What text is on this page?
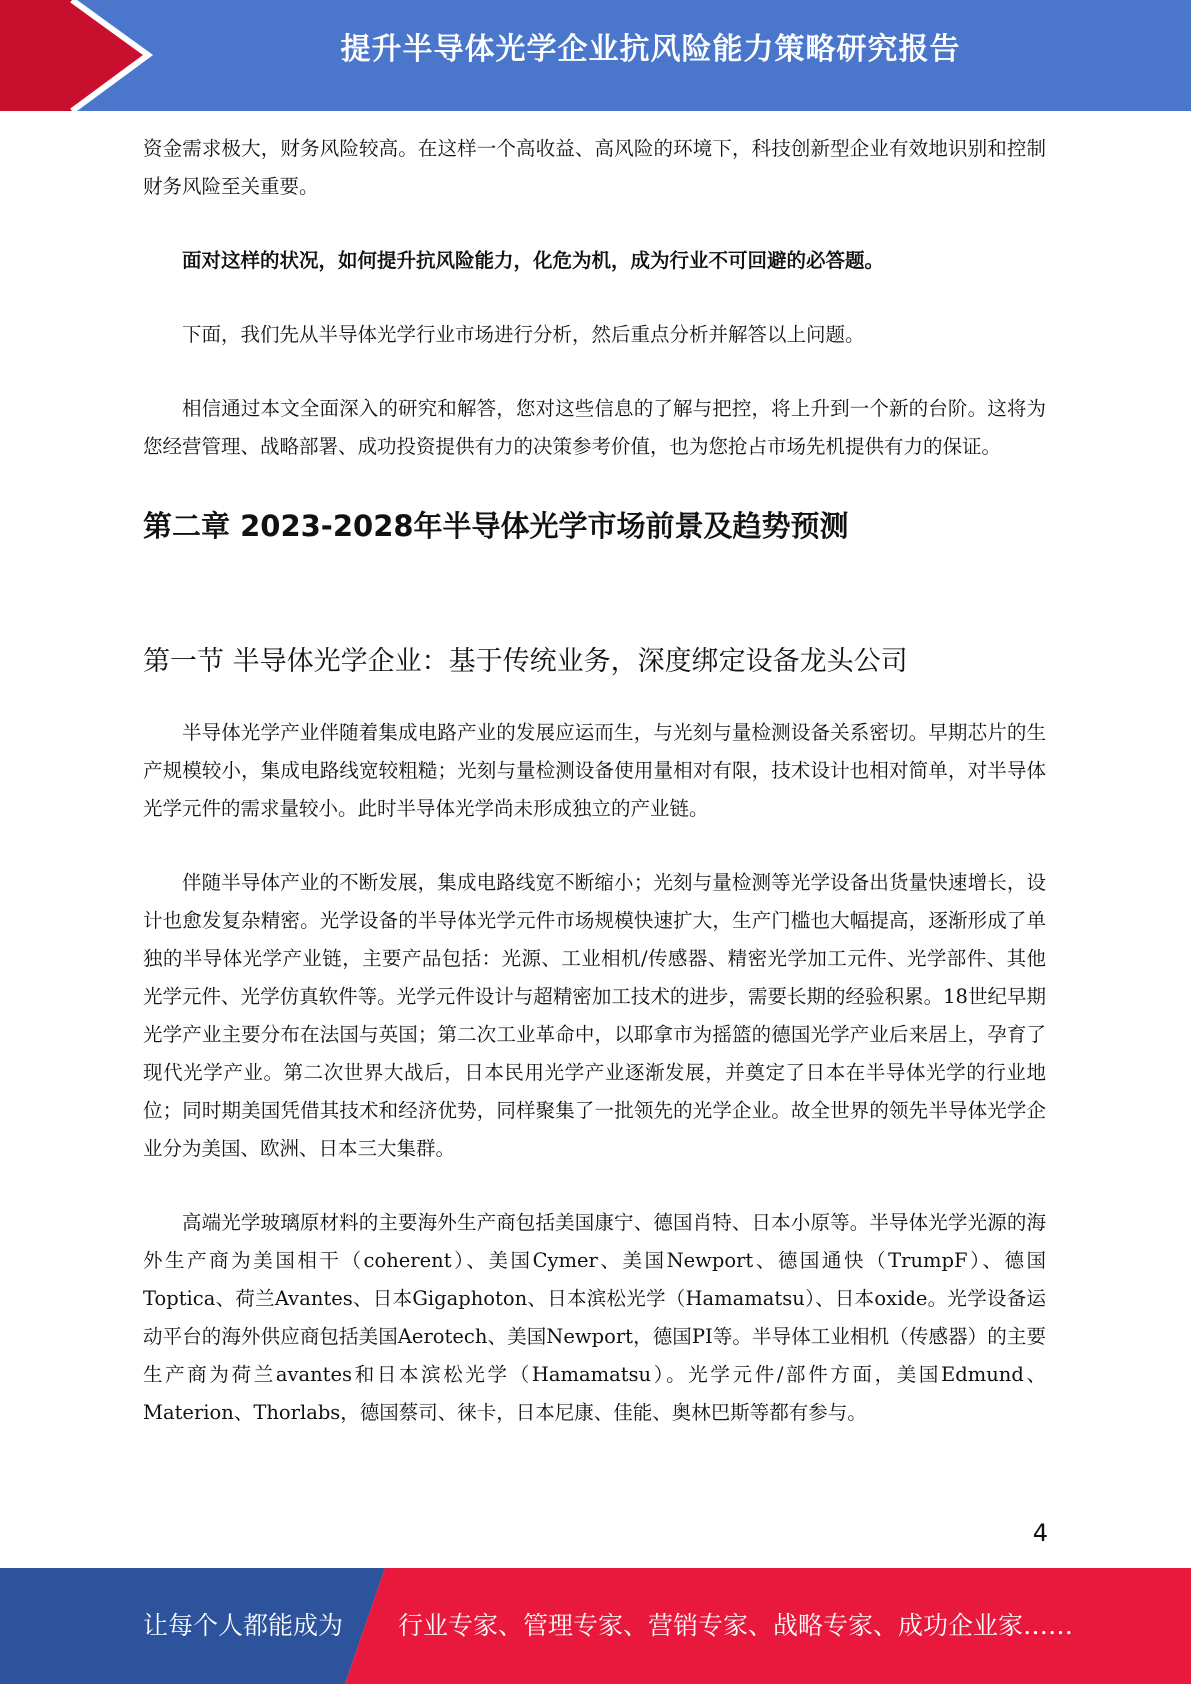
提升半导体光学企业抗风险能力策略研究报告

资金需求极大，财务风险较高。在这样一个高收益、高风险的环境下，科技创新型企业有效地识别和控制财务风险至关重要。

面对这样的状况，如何提升抗风险能力，化危为机，成为行业不可回避的必答题。

下面，我们先从半导体光学行业市场进行分析，然后重点分析并解答以上问题。

相信通过本文全面深入的研究和解答，您对这些信息的了解与把控，将上升到一个新的台阶。这将为您经营管理、战略部署、成功投资提供有力的决策参考价值，也为您抢占市场先机提供有力的保证。

第二章 2023-2028年半导体光学市场前景及趋势预测
第一节 半导体光学企业：基于传统业务，深度绑定设备龙头公司

半导体光学产业伴随着集成电路产业的发展应运而生，与光刻与量检测设备关系密切。早期芯片的生产规模较小，集成电路线宽较粗糙；光刻与量检测设备使用量相对有限，技术设计也相对简单，对半导体光学元件的需求量较小。此时半导体光学尚未形成独立的产业链。

伴随半导体产业的不断发展，集成电路线宽不断缩小；光刻与量检测等光学设备出货量快速增长，设计也愈发复杂精密。光学设备的半导体光学元件市场规模快速扩大，生产门槛也大幅提高，逐渐形成了单独的半导体光学产业链，主要产品包括：光源、工业相机/传感器、精密光学加工元件、光学部件、其他光学元件、光学仿真软件等。光学元件设计与超精密加工技术的进步，需要长期的经验积累。18世纪早期光学产业主要分布在法国与英国；第二次工业革命中，以耶拿市为摇篮的德国光学产业后来居上，孕育了现代光学产业。第二次世界大战后，日本民用光学产业逐渐发展，并奠定了日本在半导体光学的行业地位；同时期美国凭借其技术和经济优势，同样聚集了一批领先的光学企业。故全世界的领先半导体光学企业分为美国、欧洲、日本三大集群。

高端光学玻璃原材料的主要海外生产商包括美国康宁、德国肖特、日本小原等。半导体光学光源的海外生产商为美国相干（coherent）、美国Cymer、美国Newport、德国通快（TrumpF）、德国Toptica、荷兰Avantes、日本Gigaphoton、日本滨松光学（Hamamatsu）、日本oxide。光学设备运动平台的海外供应商包括美国Aerotech、美国Newport，德国PI等。半导体工业相机（传感器）的主要生产商为荷兰avantes和日本滨松光学（Hamamatsu）。光学元件/部件方面，美国Edmund、Materion、Thorlabs，德国蔡司、徕卡，日本尼康、佳能、奥林巴斯等都有参与。

4
让每个人都能成为 行业专家、管理专家、营销专家、战略专家、成功企业家……
